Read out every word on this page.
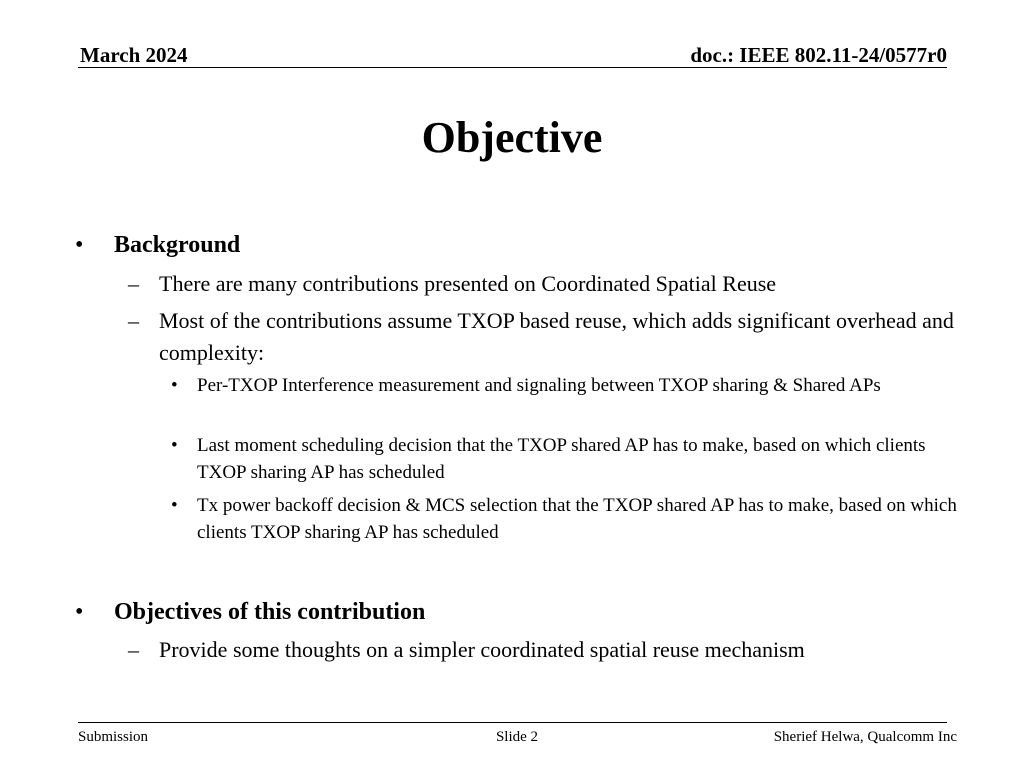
March 2024	doc.: IEEE 802.11-24/0577r0
Objective
• Background
– There are many contributions presented on Coordinated Spatial Reuse
– Most of the contributions assume TXOP based reuse, which adds significant overhead and complexity:
• Per-TXOP Interference measurement and signaling between TXOP sharing & Shared APs
• Last moment scheduling decision that the TXOP shared AP has to make, based on which clients TXOP sharing AP has scheduled
• Tx power backoff decision & MCS selection that the TXOP shared AP has to make, based on which clients TXOP sharing AP has scheduled
• Objectives of this contribution
– Provide some thoughts on a simpler coordinated spatial reuse mechanism
Submission	Slide 2	Sherief Helwa, Qualcomm Inc
